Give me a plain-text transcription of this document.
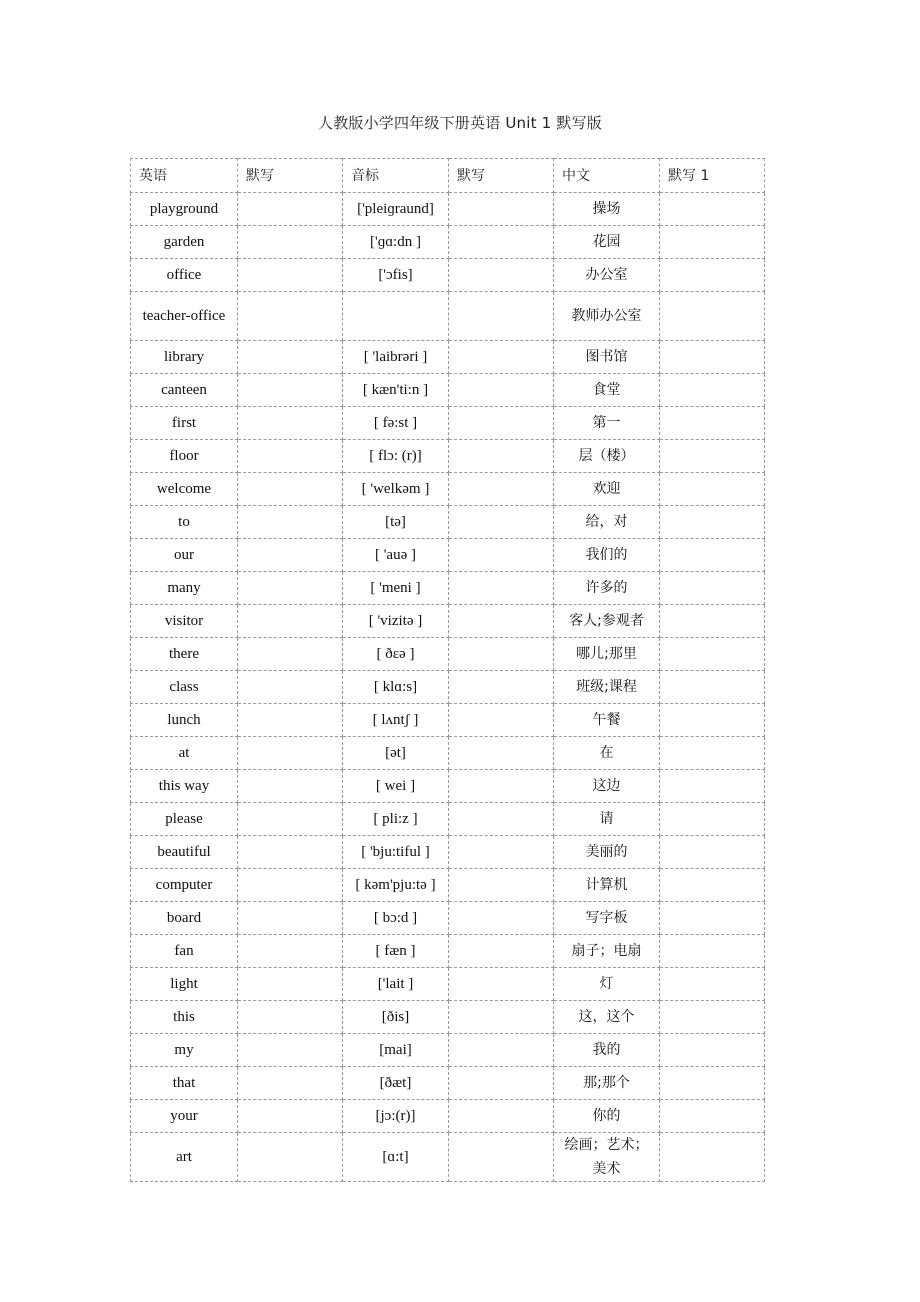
人教版小学四年级下册英语 Unit 1 默写版
英语	默写	音标	默写	中文	默写 1
playground		['pleiɡraund]		操场	
garden		['ɡɑ:dn ]		花园	
office		['ɔfis]		办公室	
teacher-office				教师办公室	
library		[ 'laibrəri ]		图书馆	
canteen		[ kæn'ti:n ]		食堂	
first		[ fə:st ]		第一	
floor		[ flɔ: (r)]		层（楼）	
welcome		[ 'welkəm ]		欢迎	
to		[tə]		给，对	
our		[ 'auə ]		我们的	
many		[ 'meni ]		许多的	
visitor		[ 'vizitə ]		客人;参观者	
there		[ ðεə ]		哪儿;那里	
class		[ klɑ:s]		班级;课程	
lunch		[ lʌntʃ ]		午餐	
at		[ət]		在	
this way		[ wei ]		这边	
please		[ pli:z ]		请	
beautiful		[ 'bju:tiful ]		美丽的	
computer		[ kəm'pju:tə ]		计算机	
board		[ bɔ:d ]		写字板	
fan		[ fæn ]		扇子；电扇	
light		['lait ]		灯	
this		[ðis]		这，这个	
my		[mai]		我的	
that		[ðæt]		那;那个	
your		[jɔ:(r)]		你的	
art		[ɑ:t]		绘画；艺术；美术	
